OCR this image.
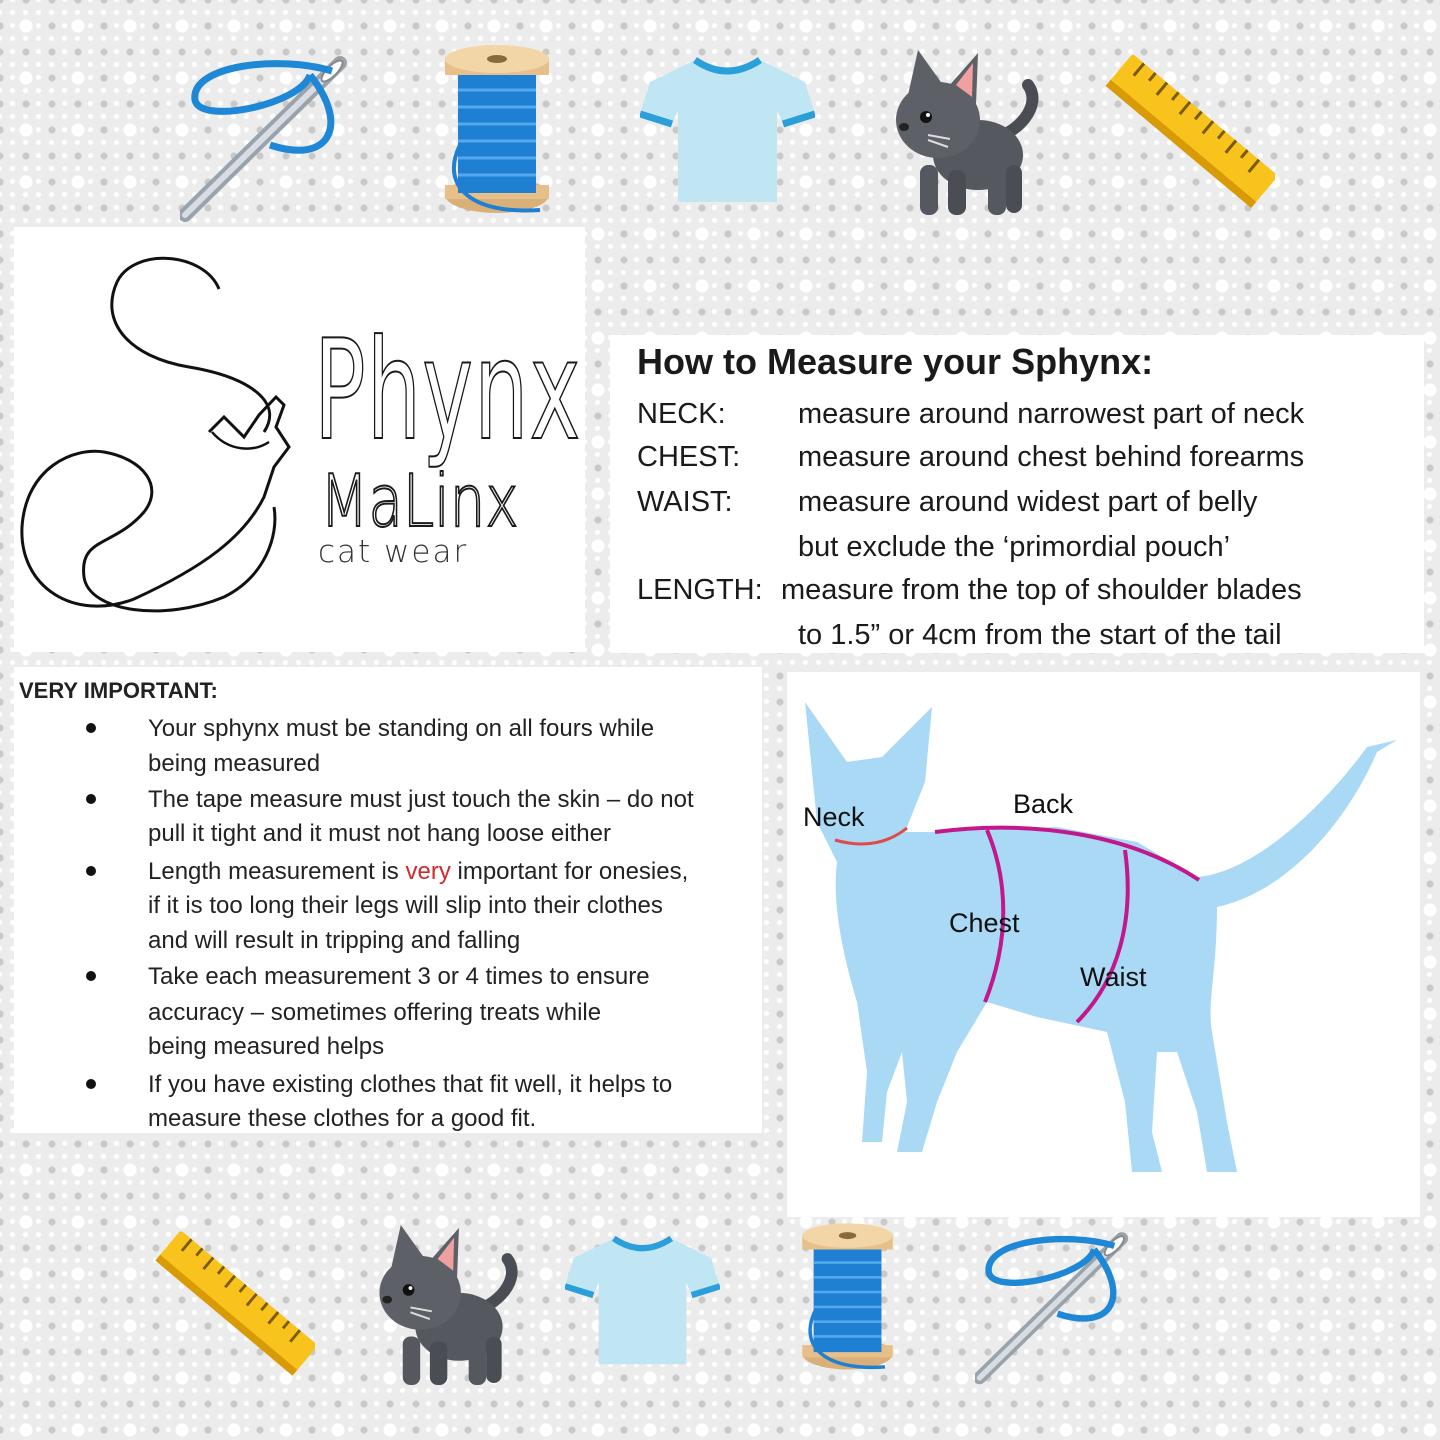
Phynx
MaLinx
cat wear
How to Measure your Sphynx:
NECK: measure around narrowest part of neck
CHEST: measure around chest behind forearms
WAIST: measure around widest part of belly
but exclude the ‘primordial pouch’
LENGTH: measure from the top of shoulder blades
to 1.5” or 4cm from the start of the tail
VERY IMPORTANT:
Your sphynx must be standing on all fours while
being measured
The tape measure must just touch the skin – do not
pull it tight and it must not hang loose either
Length measurement is very important for onesies,
if it is too long their legs will slip into their clothes
and will result in tripping and falling
Take each measurement 3 or 4 times to ensure
accuracy – sometimes offering treats while
being measured helps
If you have existing clothes that fit well, it helps to
measure these clothes for a good fit.
Neck	Back
Chest
Waist
